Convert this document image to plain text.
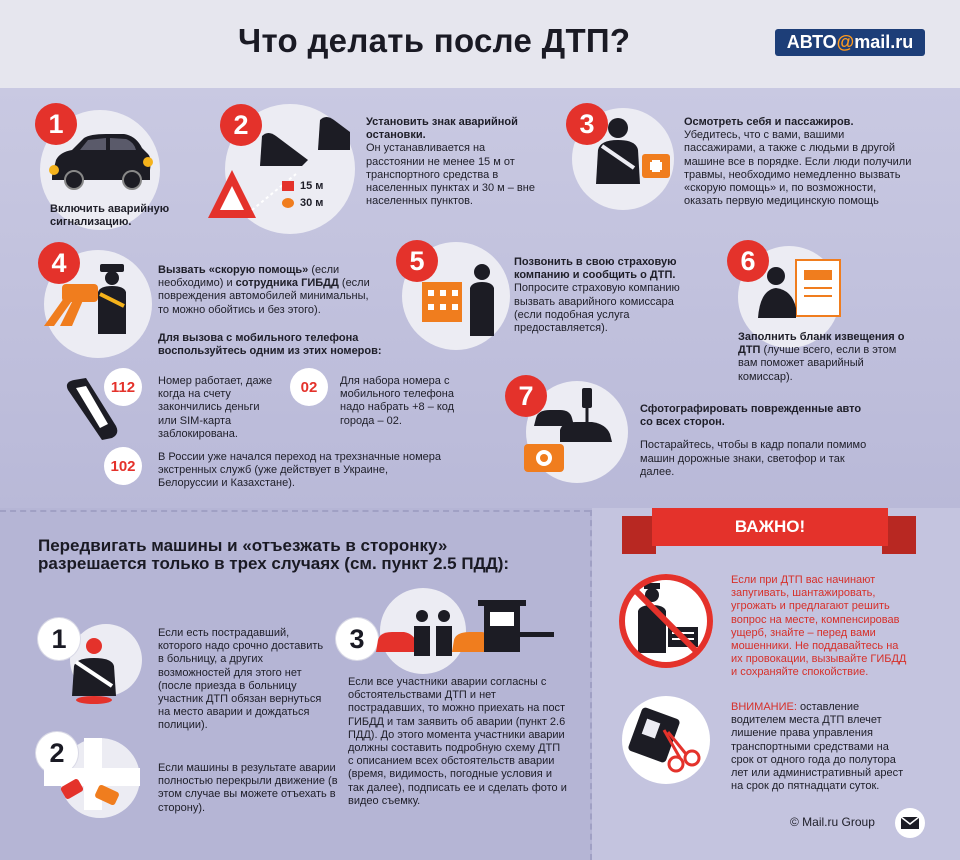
Что делать после ДТП?	АВТО @ mail.ru
1
Включить аварийную сигнализацию.
2
15 м
30 м
Установить знак аварийной остановки.
Он устанавливается на расстоянии не менее 15 м от транспортного средства в населенных пунктах и 30 м – вне населенных пунктов.
3	Осмотреть себя и пассажиров.
Убедитесь, что с вами, вашими пассажирами, а также с людьми в другой машине все в порядке. Если люди получили травмы, необходимо немедленно вызвать «скорую помощь» и, по возможности, оказать первую медицинскую помощь
4	Вызвать «скорую помощь» (если необходимо) и сотрудника ГИБДД (если повреждения автомобилей минимальны, то можно обойтись и без этого).
Для вызова с мобильного телефона воспользуйтесь одним из этих номеров:
112	Номер работает, даже когда на счету закончились деньги или SIM-карта заблокирована.
02	Для набора номера с мобильного телефона надо набрать +8 – код города – 02.
102
В России уже начался переход на трехзначные номера экстренных служб (уже действует в Украине, Белоруссии и Казахстане).
5	Позвонить в свою страховую компанию и сообщить о ДТП.
Попросите страховую компанию вызвать аварийного комиссара (если подобная услуга предоставляется).
6
Заполнить бланк извещения о ДТП (лучше всего, если в этом вам поможет аварийный комиссар).
7	Сфотографировать поврежденные авто со всех сторон.
Постарайтесь, чтобы в кадр попали помимо машин дорожные знаки, светофор и так далее.
Передвигать машины и «отъезжать в сторонку» разрешается только в трех случаях (см. пункт 2.5 ПДД):
1	Если есть пострадавший, которого надо срочно доставить в больницу, а других возможностей для этого нет (после приезда в больницу участник ДТП обязан вернуться на место аварии и дождаться полиции).
2
Если машины в результате аварии полностью перекрыли движение (в этом случае вы можете отъехать в сторону).
3
Если все участники аварии согласны с обстоятельствами ДТП и нет пострадавших, то можно приехать на пост ГИБДД и там заявить об аварии (пункт 2.6 ПДД). До этого момента участники аварии должны составить подробную схему ДТП с описанием всех обстоятельств аварии (время, видимость, погодные условия и так далее), подписать ее и сделать фото и видео съемку.
ВАЖНО!
Если при ДТП вас начинают запугивать, шантажировать, угрожать и предлагают решить вопрос на месте, компенсировав ущерб, знайте – перед вами мошенники. Не поддавайтесь на их провокации, вызывайте ГИБДД и сохраняйте спокойствие.
ВНИМАНИЕ: оставление водителем места ДТП влечет лишение права управления транспортными средствами на срок от одного года до полутора лет или административный арест на срок до пятнадцати суток.
© Mail.ru Group
